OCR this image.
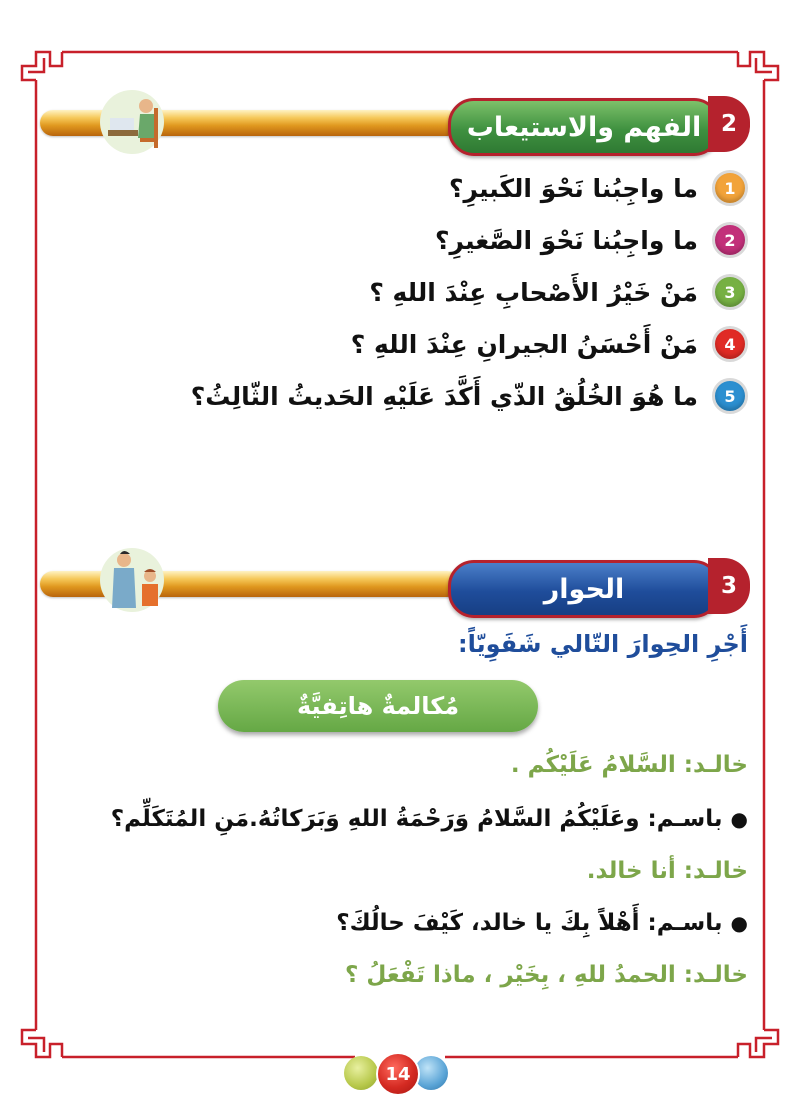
الفهم والاستيعاب 2
1
ما واجِبُنا نَحْوَ الكَبيرِ؟
2
ما واجِبُنا نَحْوَ الصَّغيرِ؟
3
مَنْ خَيْرُ الأَصْحابِ عِنْدَ اللهِ ؟
4
مَنْ أَحْسَنُ الجيرانِ عِنْدَ اللهِ ؟
5
ما هُوَ الخُلُقُ الذّي أَكَّدَ عَلَيْهِ الحَديثُ الثّالِثُ؟
الحوار	3
أَجْرِ الحِوارَ التّالي شَفَوِيّاً:
مُكالمةٌ هاتِفيَّةٌ
خالـد:
السَّلامُ عَلَيْكُم .
●
باسـم:
وعَلَيْكُمُ السَّلامُ وَرَحْمَةُ اللهِ وَبَرَكاتُهُ.مَنِ المُتَكَلِّم؟
خالـد:
أنا خالد.
●
باسـم:
أَهْلاً بِكَ يا خالد، كَيْفَ حالُكَ؟
خالـد:
الحمدُ للهِ ، بِخَيْر ، ماذا تَفْعَلُ ؟
14
